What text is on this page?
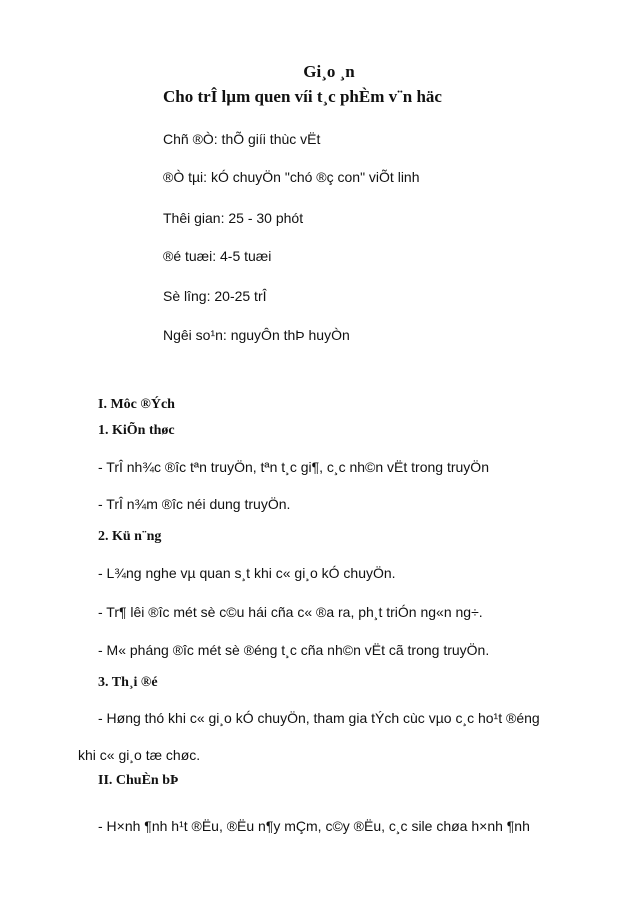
Gi¸o ¸n
Cho trÎ lµm quen víi t¸c phÈm v¨n häc
Chñ ®Ò: thÕ giíi thùc vËt
®Ò tµi: kÓ chuyÖn "chó ®ç con" viÕt linh
Thêi gian: 25 - 30 phót
®é tuæi: 4-5 tuæi
Sè lîng: 20-25 trÎ
Ngêi so¹n: nguyÔn thÞ huyÒn
I. Môc ®Ých
1. KiÕn thøc
- TrÎ nh¾c ®îc tªn truyÖn, tªn t¸c gi¶, c¸c nh©n vËt trong truyÖn
- TrÎ n¾m ®îc néi dung truyÖn.
2. Kü n¨ng
- L¾ng nghe vµ quan s¸t khi c« gi¸o kÓ chuyÖn.
- Tr¶ lêi ®îc mét sè c©u hái cña c« ®a ra, ph¸t triÓn ng«n ng÷.
- M« pháng ®îc mét sè ®éng t¸c cña nh©n vËt cã trong truyÖn.
3. Th¸i ®é
- Høng thó khi c« gi¸o kÓ chuyÖn, tham gia tÝch cùc vµo c¸c ho¹t ®éng
khi c« gi¸o tæ chøc.
II. ChuÈn bÞ
- H×nh ¶nh h¹t ®Ëu, ®Ëu n¶y mÇm, c©y ®Ëu, c¸c sile chøa h×nh ¶nh
